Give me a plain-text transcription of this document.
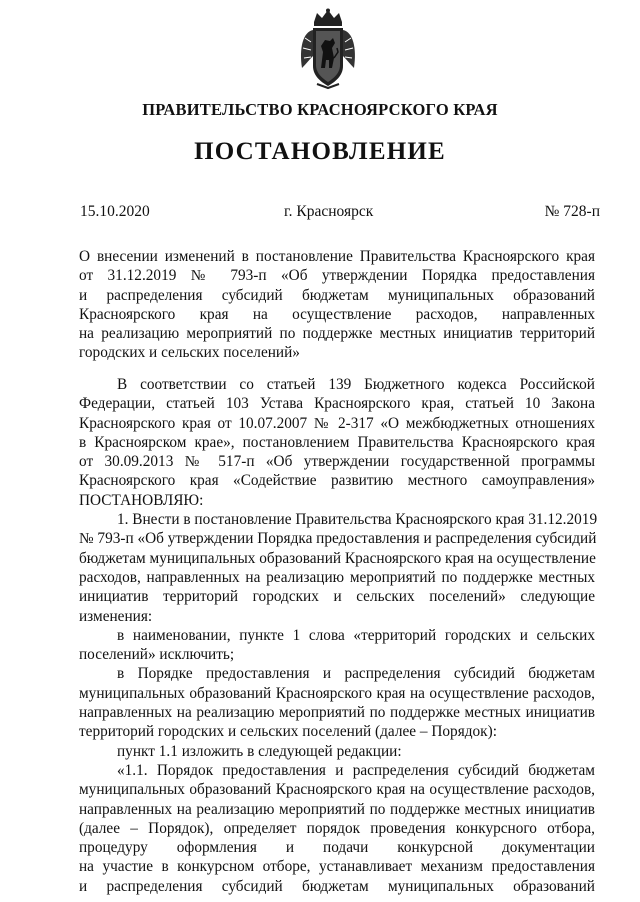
ПРАВИТЕЛЬСТВО КРАСНОЯРСКОГО КРАЯ
ПОСТАНОВЛЕНИЕ
15.10.2020	г. Красноярск	№ 728-п
О внесении изменений в постановление Правительства Красноярского края
от 31.12.2019 № 793-п «Об утверждении Порядка предоставления
и распределения субсидий бюджетам муниципальных образований
Красноярского края на осуществление расходов, направленных
на реализацию мероприятий по поддержке местных инициатив территорий
городских и сельских поселений»
В соответствии со статьей 139 Бюджетного кодекса Российской
Федерации, статьей 103 Устава Красноярского края, статьей 10 Закона
Красноярского края от 10.07.2007 № 2-317 «О межбюджетных отношениях
в Красноярском крае», постановлением Правительства Красноярского края
от 30.09.2013 № 517-п «Об утверждении государственной программы
Красноярского края «Содействие развитию местного самоуправления»
ПОСТАНОВЛЯЮ:
1. Внести в постановление Правительства Красноярского края 31.12.2019
№ 793-п «Об утверждении Порядка предоставления и распределения субсидий
бюджетам муниципальных образований Красноярского края на осуществление
расходов, направленных на реализацию мероприятий по поддержке местных
инициатив территорий городских и сельских поселений» следующие
изменения:
в наименовании, пункте 1 слова «территорий городских и сельских
поселений» исключить;
в Порядке предоставления и распределения субсидий бюджетам
муниципальных образований Красноярского края на осуществление расходов,
направленных на реализацию мероприятий по поддержке местных инициатив
территорий городских и сельских поселений (далее – Порядок):
пункт 1.1 изложить в следующей редакции:
«1.1. Порядок предоставления и распределения субсидий бюджетам
муниципальных образований Красноярского края на осуществление расходов,
направленных на реализацию мероприятий по поддержке местных инициатив
(далее – Порядок), определяет порядок проведения конкурсного отбора,
процедуру оформления и подачи конкурсной документации
на участие в конкурсном отборе, устанавливает механизм предоставления
и распределения субсидий бюджетам муниципальных образований
